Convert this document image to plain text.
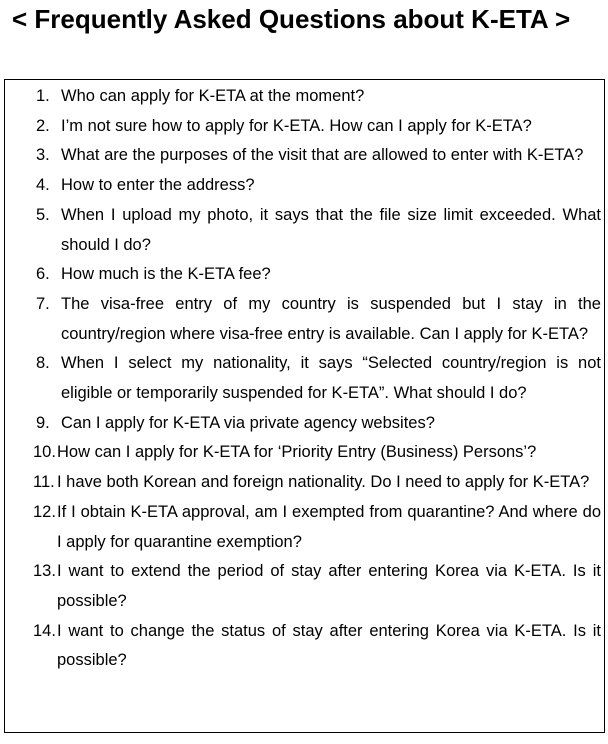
< Frequently Asked Questions about K-ETA >
1. Who can apply for K-ETA at the moment?
2. I’m not sure how to apply for K-ETA. How can I apply for K-ETA?
3. What are the purposes of the visit that are allowed to enter with K-ETA?
4. How to enter the address?
5. When I upload my photo, it says that the file size limit exceeded. What should I do?
6. How much is the K-ETA fee?
7. The visa-free entry of my country is suspended but I stay in the country/region where visa-free entry is available. Can I apply for K-ETA?
8. When I select my nationality, it says “Selected country/region is not eligible or temporarily suspended for K-ETA”. What should I do?
9. Can I apply for K-ETA via private agency websites?
10. How can I apply for K-ETA for ‘Priority Entry (Business) Persons’?
11. I have both Korean and foreign nationality. Do I need to apply for K-ETA?
12. If I obtain K-ETA approval, am I exempted from quarantine? And where do I apply for quarantine exemption?
13. I want to extend the period of stay after entering Korea via K-ETA. Is it possible?
14. I want to change the status of stay after entering Korea via K-ETA. Is it possible?
